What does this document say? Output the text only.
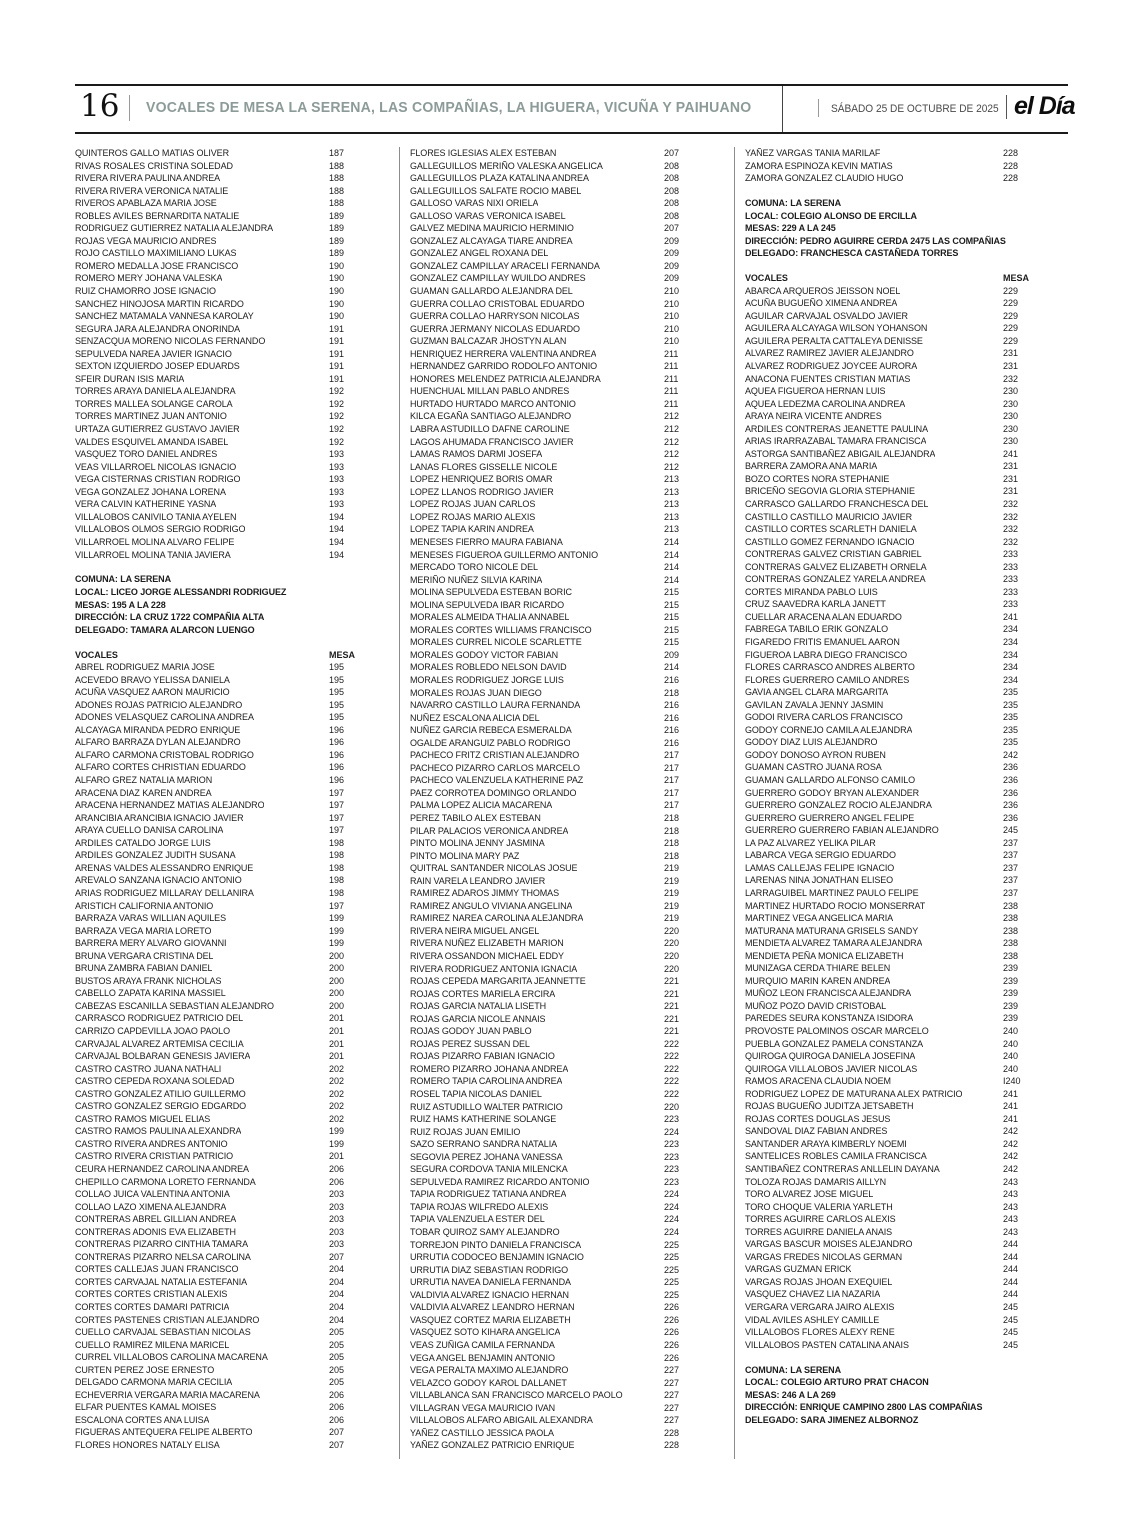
16 VOCALES DE MESA LA SERENA, LAS COMPAÑIAS, LA HIGUERA, VICUÑA Y PAIHUANO	SÁBADO 25 DE OCTUBRE DE 2025 el Día
QUINTEROS GALLO MATIAS OLIVER	187
RIVAS ROSALES CRISTINA SOLEDAD	188
RIVERA RIVERA PAULINA ANDREA	188
RIVERA RIVERA VERONICA NATALIE	188
RIVEROS APABLAZA MARIA JOSE	188
ROBLES AVILES BERNARDITA NATALIE	189
RODRIGUEZ GUTIERREZ NATALIA ALEJANDRA	189
ROJAS VEGA MAURICIO ANDRES	189
ROJO CASTILLO MAXIMILIANO LUKAS	189
ROMERO MEDALLA JOSE FRANCISCO	190
ROMERO MERY JOHANA VALESKA	190
RUIZ CHAMORRO JOSE IGNACIO	190
SANCHEZ HINOJOSA MARTIN RICARDO	190
SANCHEZ MATAMALA VANNESA KAROLAY	190
SEGURA JARA ALEJANDRA ONORINDA	191
SENZACQUA MORENO NICOLAS FERNANDO	191
SEPULVEDA NAREA JAVIER IGNACIO	191
SEXTON IZQUIERDO JOSEP EDUARDS	191
SFEIR DURAN ISIS MARIA	191
TORRES ARAYA DANIELA ALEJANDRA	192
TORRES MALLEA SOLANGE CAROLA	192
TORRES MARTINEZ JUAN ANTONIO	192
URTAZA GUTIERREZ GUSTAVO JAVIER	192
VALDES ESQUIVEL AMANDA ISABEL	192
VASQUEZ TORO DANIEL ANDRES	193
VEAS VILLARROEL NICOLAS IGNACIO	193
VEGA CISTERNAS CRISTIAN RODRIGO	193
VEGA GONZALEZ JOHANA LORENA	193
VERA CALVIN KATHERINE YASNA	193
VILLALOBOS CANIVILO TANIA AYELEN	194
VILLALOBOS OLMOS SERGIO RODRIGO	194
VILLARROEL MOLINA ALVARO FELIPE	194
VILLARROEL MOLINA TANIA JAVIERA	194
COMUNA: LA SERENA
LOCAL: LICEO JORGE ALESSANDRI RODRIGUEZ
MESAS: 195 A LA 228
DIRECCIÓN: LA CRUZ 1722 COMPAÑIA ALTA
DELEGADO: TAMARA ALARCON LUENGO
VOCALES	MESA
ABREL RODRIGUEZ MARIA JOSE	195
ACEVEDO BRAVO YELISSA DANIELA	195
ACUÑA VASQUEZ AARON MAURICIO	195
ADONES ROJAS PATRICIO ALEJANDRO	195
ADONES VELASQUEZ CAROLINA ANDREA	195
ALCAYAGA MIRANDA PEDRO ENRIQUE	196
ALFARO BARRAZA DYLAN ALEJANDRO	196
ALFARO CARMONA CRISTOBAL RODRIGO	196
ALFARO CORTES CHRISTIAN EDUARDO	196
ALFARO GREZ NATALIA MARION	196
ARACENA DIAZ KAREN ANDREA	197
ARACENA HERNANDEZ MATIAS ALEJANDRO	197
ARANCIBIA ARANCIBIA IGNACIO JAVIER	197
ARAYA CUELLO DANISA CAROLINA	197
ARDILES CATALDO JORGE LUIS	198
ARDILES GONZALEZ JUDITH SUSANA	198
ARENAS VALDES ALESSANDRO ENRIQUE	198
AREVALO SANZANA IGNACIO ANTONIO	198
ARIAS RODRIGUEZ MILLARAY DELLANIRA	198
ARISTICH CALIFORNIA ANTONIO	197
BARRAZA VARAS WILLIAN AQUILES	199
BARRAZA VEGA MARIA LORETO	199
BARRERA MERY ALVARO GIOVANNI	199
BRUNA VERGARA CRISTINA DEL	200
BRUNA ZAMBRA FABIAN DANIEL	200
BUSTOS ARAYA FRANK NICHOLAS	200
CABELLO ZAPATA KARINA MASSIEL	200
CABEZAS ESCANILLA SEBASTIAN ALEJANDRO	200
CARRASCO RODRIGUEZ PATRICIO DEL	201
CARRIZO CAPDEVILLA JOAO PAOLO	201
CARVAJAL ALVAREZ ARTEMISA CECILIA	201
CARVAJAL BOLBARAN GENESIS JAVIERA	201
CASTRO CASTRO JUANA NATHALI	202
CASTRO CEPEDA ROXANA SOLEDAD	202
CASTRO GONZALEZ ATILIO GUILLERMO	202
CASTRO GONZALEZ SERGIO EDGARDO	202
CASTRO RAMOS MIGUEL ELIAS	202
CASTRO RAMOS PAULINA ALEXANDRA	199
CASTRO RIVERA ANDRES ANTONIO	199
CASTRO RIVERA CRISTIAN PATRICIO	201
CEURA HERNANDEZ CAROLINA ANDREA	206
CHEPILLO CARMONA LORETO FERNANDA	206
COLLAO JUICA VALENTINA ANTONIA	203
COLLAO LAZO XIMENA ALEJANDRA	203
CONTRERAS ABREL GILLIAN ANDREA	203
CONTRERAS ADONIS EVA ELIZABETH	203
CONTRERAS PIZARRO CINTHIA TAMARA	203
CONTRERAS PIZARRO NELSA CAROLINA	207
CORTES CALLEJAS JUAN FRANCISCO	204
CORTES CARVAJAL NATALIA ESTEFANIA	204
CORTES CORTES CRISTIAN ALEXIS	204
CORTES CORTES DAMARI PATRICIA	204
CORTES PASTENES CRISTIAN ALEJANDRO	204
CUELLO CARVAJAL SEBASTIAN NICOLAS	205
CUELLO RAMIREZ MILENA MARICEL	205
CURREL VILLALOBOS CAROLINA MACARENA	205
CURTEN PEREZ JOSE ERNESTO	205
DELGADO CARMONA MARIA CECILIA	205
ECHEVERRIA VERGARA MARIA MACARENA	206
ELFAR PUENTES KAMAL MOISES	206
ESCALONA CORTES ANA LUISA	206
FIGUERAS ANTEQUERA FELIPE ALBERTO	207
FLORES HONORES NATALY ELISA	207
FLORES IGLESIAS ALEX ESTEBAN	207
GALLEGUILLOS MERIÑO VALESKA ANGELICA	208
GALLEGUILLOS PLAZA KATALINA ANDREA	208
GALLEGUILLOS SALFATE ROCIO MABEL	208
GALLOSO VARAS NIXI ORIELA	208
GALLOSO VARAS VERONICA ISABEL	208
GALVEZ MEDINA MAURICIO HERMINIO	207
GONZALEZ ALCAYAGA TIARE ANDREA	209
GONZALEZ ANGEL ROXANA DEL	209
GONZALEZ CAMPILLAY ARACELI FERNANDA	209
GONZALEZ CAMPILLAY WUILDO ANDRES	209
GUAMAN GALLARDO ALEJANDRA DEL	210
GUERRA COLLAO CRISTOBAL EDUARDO	210
GUERRA COLLAO HARRYSON NICOLAS	210
GUERRA JERMANY NICOLAS EDUARDO	210
GUZMAN BALCAZAR JHOSTYN ALAN	210
HENRIQUEZ HERRERA VALENTINA ANDREA	211
HERNANDEZ GARRIDO RODOLFO ANTONIO	211
HONORES MELENDEZ PATRICIA ALEJANDRA	211
HUENCHUAL MILLAN PABLO ANDRES	211
HURTADO HURTADO MARCO ANTONIO	211
KILCA EGAÑA SANTIAGO ALEJANDRO	212
LABRA ASTUDILLO DAFNE CAROLINE	212
LAGOS AHUMADA FRANCISCO JAVIER	212
LAMAS RAMOS DARMI JOSEFA	212
LANAS FLORES GISSELLE NICOLE	212
LOPEZ HENRIQUEZ BORIS OMAR	213
LOPEZ LLANOS RODRIGO JAVIER	213
LOPEZ ROJAS JUAN CARLOS	213
LOPEZ ROJAS MARIO ALEXIS	213
LOPEZ TAPIA KARIN ANDREA	213
MENESES FIERRO MAURA FABIANA	214
MENESES FIGUEROA GUILLERMO ANTONIO	214
MERCADO TORO NICOLE DEL	214
MERIÑO NUÑEZ SILVIA KARINA	214
MOLINA SEPULVEDA ESTEBAN BORIC	215
MOLINA SEPULVEDA IBAR RICARDO	215
MORALES ALMEIDA THALIA ANNABEL	215
MORALES CORTES WILLIAMS FRANCISCO	215
MORALES CURREL NICOLE SCARLETTE	215
MORALES GODOY VICTOR FABIAN	209
MORALES ROBLEDO NELSON DAVID	214
MORALES RODRIGUEZ JORGE LUIS	216
MORALES ROJAS JUAN DIEGO	218
NAVARRO CASTILLO LAURA FERNANDA	216
NUÑEZ ESCALONA ALICIA DEL	216
NUÑEZ GARCIA REBECA ESMERALDA	216
OGALDE ARANGUIZ PABLO RODRIGO	216
PACHECO FRITZ CRISTIAN ALEJANDRO	217
PACHECO PIZARRO CARLOS MARCELO	217
PACHECO VALENZUELA KATHERINE PAZ	217
PAEZ CORROTEA DOMINGO ORLANDO	217
PALMA LOPEZ ALICIA MACARENA	217
PEREZ TABILO ALEX ESTEBAN	218
PILAR PALACIOS VERONICA ANDREA	218
PINTO MOLINA JENNY JASMINA	218
PINTO MOLINA MARY PAZ	218
QUITRAL SANTANDER NICOLAS JOSUE	219
RAIN VARELA LEANDRO JAVIER	219
RAMIREZ ADAROS JIMMY THOMAS	219
RAMIREZ ANGULO VIVIANA ANGELINA	219
RAMIREZ NAREA CAROLINA ALEJANDRA	219
RIVERA NEIRA MIGUEL ANGEL	220
RIVERA NUÑEZ ELIZABETH MARION	220
RIVERA OSSANDON MICHAEL EDDY	220
RIVERA RODRIGUEZ ANTONIA IGNACIA	220
ROJAS CEPEDA MARGARITA JEANNETTE	221
ROJAS CORTES MARIELA ERCIRA	221
ROJAS GARCIA NATALIA LISETH	221
ROJAS GARCIA NICOLE ANNAIS	221
ROJAS GODOY JUAN PABLO	221
ROJAS PEREZ SUSSAN DEL	222
ROJAS PIZARRO FABIAN IGNACIO	222
ROMERO PIZARRO JOHANA ANDREA	222
ROMERO TAPIA CAROLINA ANDREA	222
ROSEL TAPIA NICOLAS DANIEL	222
RUIZ ASTUDILLO WALTER PATRICIO	220
RUIZ HAMS KATHERINE SOLANGE	223
RUIZ ROJAS JUAN EMILIO	224
SAZO SERRANO SANDRA NATALIA	223
SEGOVIA PEREZ JOHANA VANESSA	223
SEGURA CORDOVA TANIA MILENCKA	223
SEPULVEDA RAMIREZ RICARDO ANTONIO	223
TAPIA RODRIGUEZ TATIANA ANDREA	224
TAPIA ROJAS WILFREDO ALEXIS	224
TAPIA VALENZUELA ESTER DEL	224
TOBAR QUIROZ SAMY ALEJANDRO	224
TORREJON PINTO DANIELA FRANCISCA	225
URRUTIA CODOCEO BENJAMIN IGNACIO	225
URRUTIA DIAZ SEBASTIAN RODRIGO	225
URRUTIA NAVEA DANIELA FERNANDA	225
VALDIVIA ALVAREZ IGNACIO HERNAN	225
VALDIVIA ALVAREZ LEANDRO HERNAN	226
VASQUEZ CORTEZ MARIA ELIZABETH	226
VASQUEZ SOTO KIHARA ANGELICA	226
VEAS ZUÑIGA CAMILA FERNANDA	226
VEGA ANGEL BENJAMIN ANTONIO	226
VEGA PERALTA MAXIMO ALEJANDRO	227
VELAZCO GODOY KAROL DALLANET	227
VILLABLANCA SAN FRANCISCO MARCELO PAOLO	227
VILLAGRAN VEGA MAURICIO IVAN	227
VILLALOBOS ALFARO ABIGAIL ALEXANDRA	227
YAÑEZ CASTILLO JESSICA PAOLA	228
YAÑEZ GONZALEZ PATRICIO ENRIQUE	228
YAÑEZ VARGAS TANIA MARILAF	228
ZAMORA ESPINOZA KEVIN MATIAS	228
ZAMORA GONZALEZ CLAUDIO HUGO	228
COMUNA: LA SERENA
LOCAL: COLEGIO ALONSO DE ERCILLA
MESAS: 229 A LA 245
DIRECCIÓN: PEDRO AGUIRRE CERDA 2475 LAS COMPAÑIAS
DELEGADO: FRANCHESCA CASTAÑEDA TORRES
VOCALES	MESA
ABARCA ARQUEROS JEISSON NOEL	229
ACUÑA BUGUEÑO XIMENA ANDREA	229
AGUILAR CARVAJAL OSVALDO JAVIER	229
AGUILERA ALCAYAGA WILSON YOHANSON	229
AGUILERA PERALTA CATTALEYA DENISSE	229
ALVAREZ RAMIREZ JAVIER ALEJANDRO	231
ALVAREZ RODRIGUEZ JOYCEE AURORA	231
ANACONA FUENTES CRISTIAN MATIAS	232
AQUEA FIGUEROA HERNAN LUIS	230
AQUEA LEDEZMA CAROLINA ANDREA	230
ARAYA NEIRA VICENTE ANDRES	230
ARDILES CONTRERAS JEANETTE PAULINA	230
ARIAS IRARRAZABAL TAMARA FRANCISCA	230
ASTORGA SANTIBAÑEZ ABIGAIL ALEJANDRA	241
BARRERA ZAMORA ANA MARIA	231
BOZO CORTES NORA STEPHANIE	231
BRICEÑO SEGOVIA GLORIA STEPHANIE	231
CARRASCO GALLARDO FRANCHESCA DEL	232
CASTILLO CASTILLO MAURICIO JAVIER	232
CASTILLO CORTES SCARLETH DANIELA	232
CASTILLO GOMEZ FERNANDO IGNACIO	232
CONTRERAS GALVEZ CRISTIAN GABRIEL	233
CONTRERAS GALVEZ ELIZABETH ORNELA	233
CONTRERAS GONZALEZ YARELA ANDREA	233
CORTES MIRANDA PABLO LUIS	233
CRUZ SAAVEDRA KARLA JANETT	233
CUELLAR ARACENA ALAN EDUARDO	241
FABREGA TABILO ERIK GONZALO	234
FIGAREDO FRITIS EMANUEL AARON	234
FIGUEROA LABRA DIEGO FRANCISCO	234
FLORES CARRASCO ANDRES ALBERTO	234
FLORES GUERRERO CAMILO ANDRES	234
GAVIA ANGEL CLARA MARGARITA	235
GAVILAN ZAVALA JENNY JASMIN	235
GODOI RIVERA CARLOS FRANCISCO	235
GODOY CORNEJO CAMILA ALEJANDRA	235
GODOY DIAZ LUIS ALEJANDRO	235
GODOY DONOSO AYRON RUBEN	242
GUAMAN CASTRO JUANA ROSA	236
GUAMAN GALLARDO ALFONSO CAMILO	236
GUERRERO GODOY BRYAN ALEXANDER	236
GUERRERO GONZALEZ ROCIO ALEJANDRA	236
GUERRERO GUERRERO ANGEL FELIPE	236
GUERRERO GUERRERO FABIAN ALEJANDRO	245
LA PAZ ALVAREZ YELIKA PILAR	237
LABARCA VEGA SERGIO EDUARDO	237
LAMAS CALLEJAS FELIPE IGNACIO	237
LARENAS NINA JONATHAN ELISEO	237
LARRAGUIBEL MARTINEZ PAULO FELIPE	237
MARTINEZ HURTADO ROCIO MONSERRAT	238
MARTINEZ VEGA ANGELICA MARIA	238
MATURANA MATURANA GRISELS SANDY	238
MENDIETA ALVAREZ TAMARA ALEJANDRA	238
MENDIETA PEÑA MONICA ELIZABETH	238
MUNIZAGA CERDA THIARE BELEN	239
MURQUIO MARIN KAREN ANDREA	239
MUÑOZ LEON FRANCISCA ALEJANDRA	239
MUÑOZ POZO DAVID CRISTOBAL	239
PAREDES SEURA KONSTANZA ISIDORA	239
PROVOSTE PALOMINOS OSCAR MARCELO	240
PUEBLA GONZALEZ PAMELA CONSTANZA	240
QUIROGA QUIROGA DANIELA JOSEFINA	240
QUIROGA VILLALOBOS JAVIER NICOLAS	240
RAMOS ARACENA CLAUDIA NOEM	I240
RODRIGUEZ LOPEZ DE MATURANA ALEX PATRICIO	241
ROJAS BUGUEÑO JUDITZA JETSABETH	241
ROJAS CORTES DOUGLAS JESUS	241
SANDOVAL DIAZ FABIAN ANDRES	242
SANTANDER ARAYA KIMBERLY NOEMI	242
SANTELICES ROBLES CAMILA FRANCISCA	242
SANTIBAÑEZ CONTRERAS ANLLELIN DAYANA	242
TOLOZA ROJAS DAMARIS AILLYN	243
TORO ALVAREZ JOSE MIGUEL	243
TORO CHOQUE VALERIA YARLETH	243
TORRES AGUIRRE CARLOS ALEXIS	243
TORRES AGUIRRE DANIELA ANAIS	243
VARGAS BASCUR MOISES ALEJANDRO	244
VARGAS FREDES NICOLAS GERMAN	244
VARGAS GUZMAN ERICK	244
VARGAS ROJAS JHOAN EXEQUIEL	244
VASQUEZ CHAVEZ LIA NAZARIA	244
VERGARA VERGARA JAIRO ALEXIS	245
VIDAL AVILES ASHLEY CAMILLE	245
VILLALOBOS FLORES ALEXY RENE	245
VILLALOBOS PASTEN CATALINA ANAIS	245
COMUNA: LA SERENA
LOCAL: COLEGIO ARTURO PRAT CHACON
MESAS: 246 A LA 269
DIRECCIÓN: ENRIQUE CAMPINO 2800 LAS COMPAÑIAS
DELEGADO: SARA JIMENEZ ALBORNOZ
